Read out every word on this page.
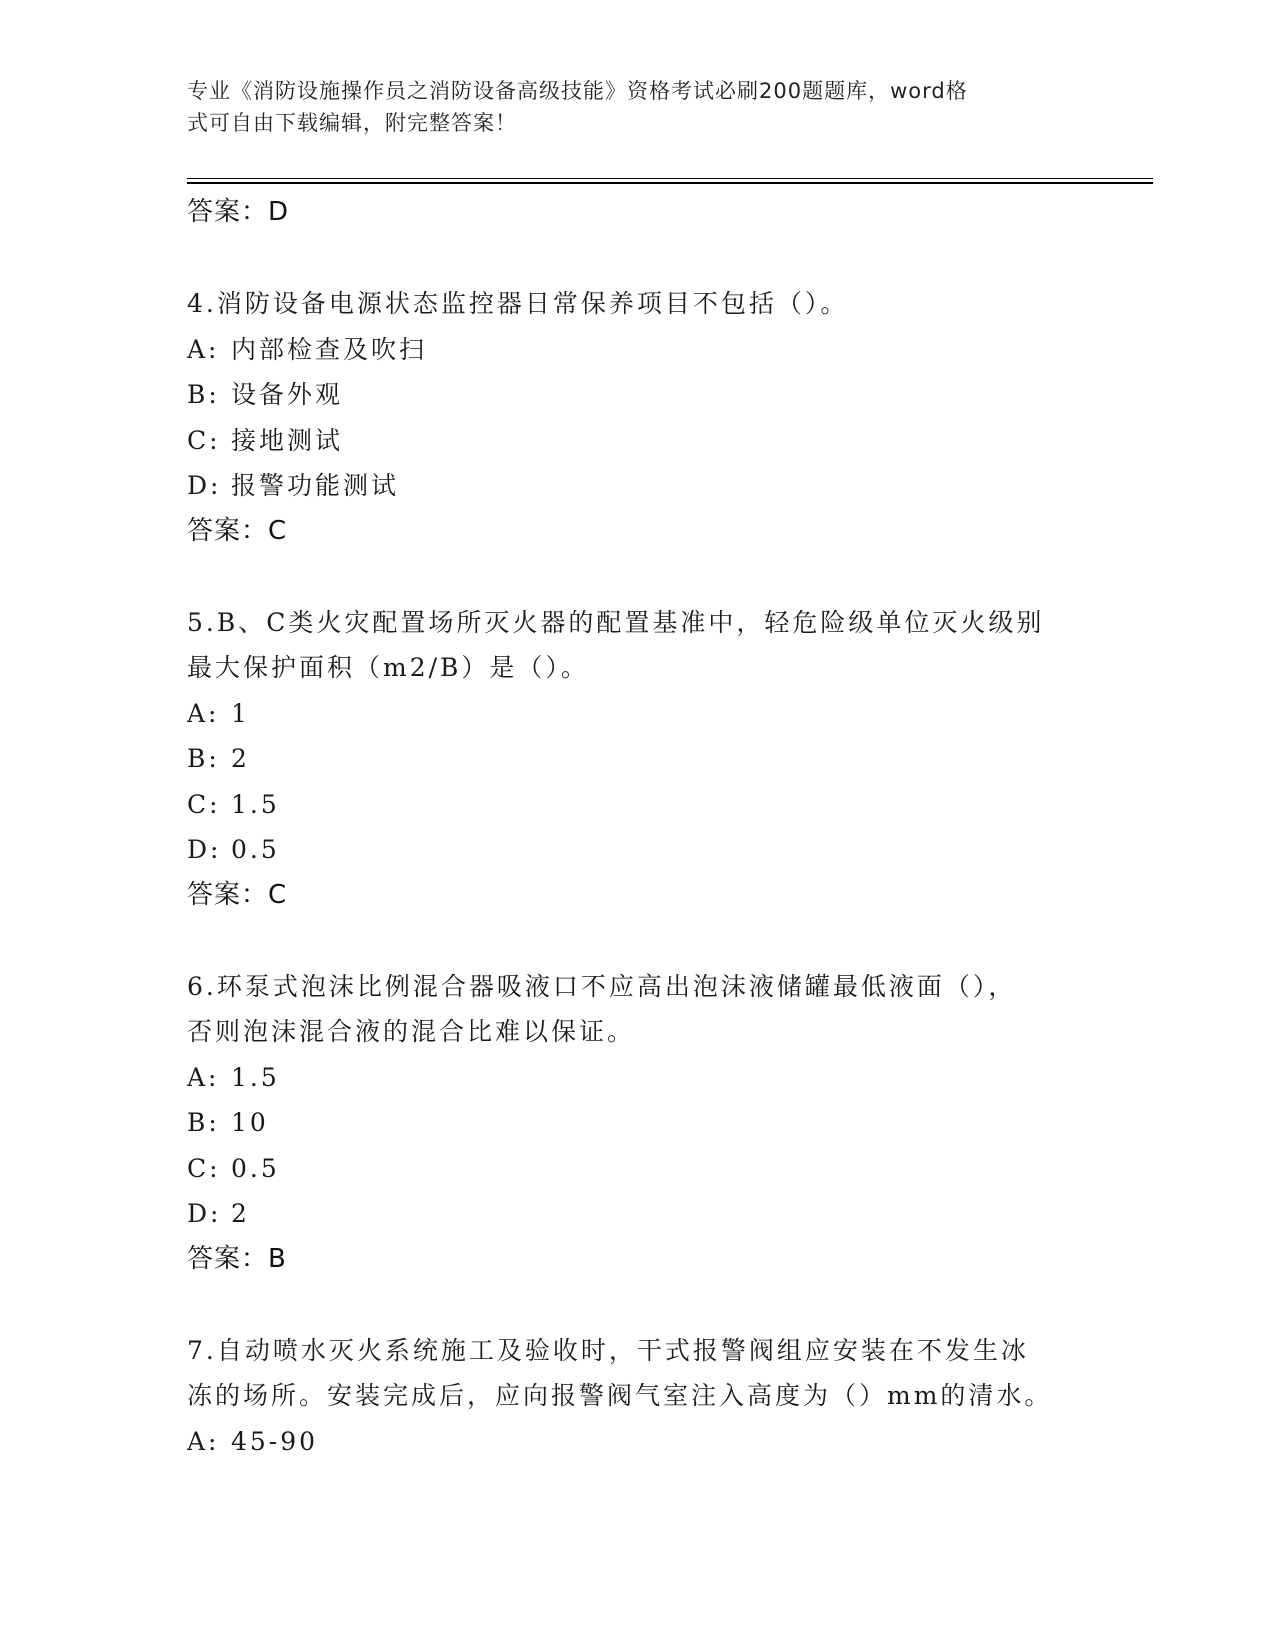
专业《消防设施操作员之消防设备高级技能》资格考试必刷200题题库，word格
式可自由下载编辑，附完整答案！
答案：D
4.消防设备电源状态监控器日常保养项目不包括（）。
A: 内部检查及吹扫
B: 设备外观
C: 接地测试
D: 报警功能测试
答案：C
5.B、C类火灾配置场所灭火器的配置基准中，轻危险级单位灭火级别
最大保护面积（m2/B）是（）。
A: 1
B: 2
C: 1.5
D: 0.5
答案：C
6.环泵式泡沫比例混合器吸液口不应高出泡沫液储罐最低液面（），
否则泡沫混合液的混合比难以保证。
A: 1.5
B: 10
C: 0.5
D: 2
答案：B
7.自动喷水灭火系统施工及验收时，干式报警阀组应安装在不发生冰
冻的场所。安装完成后，应向报警阀气室注入高度为（）mm的清水。
A: 45-90
